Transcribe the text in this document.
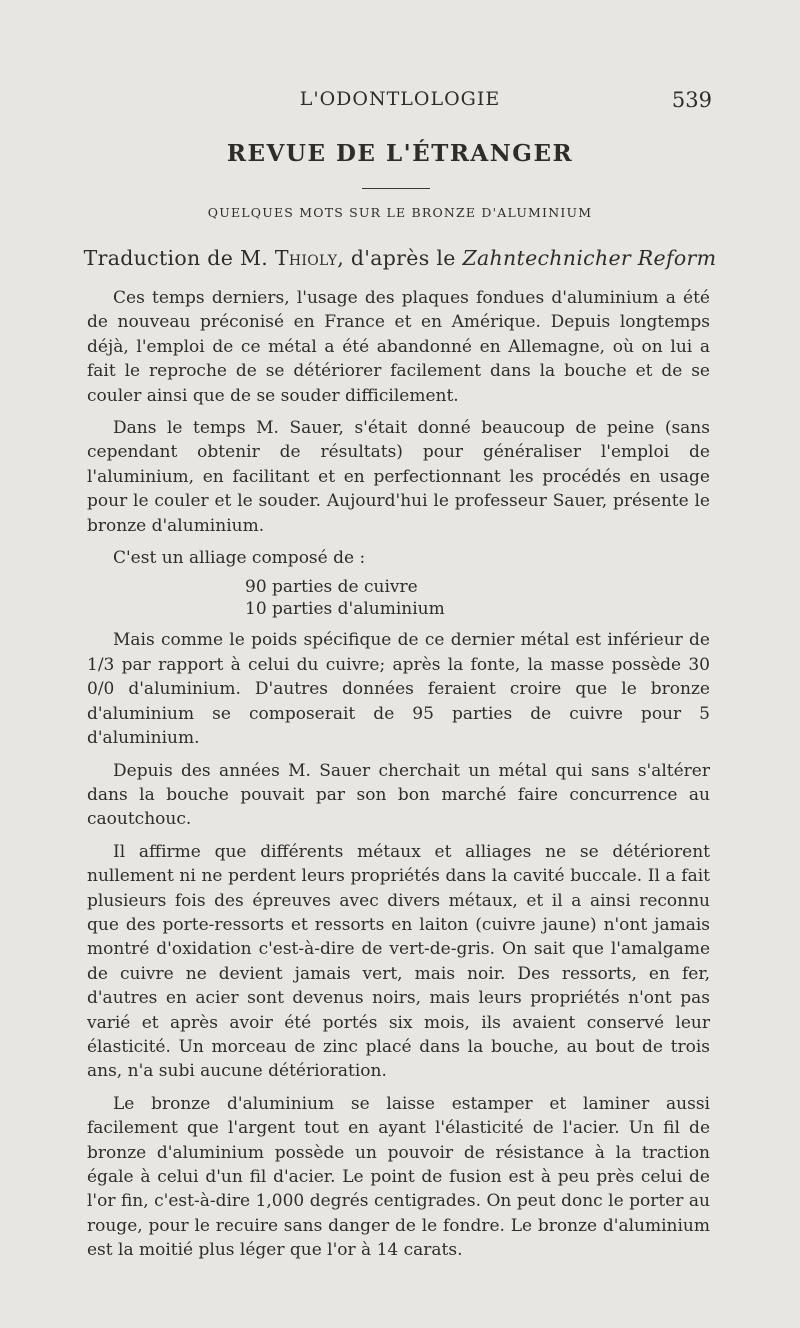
L'ODONTLOLOGIE	539
REVUE DE L'ÉTRANGER
QUELQUES MOTS SUR LE BRONZE D'ALUMINIUM
Traduction de M. Thioly, d'après le Zahntechnicher Reform

Ces temps derniers, l'usage des plaques fondues d'aluminium a été de nouveau préconisé en France et en Amérique. Depuis longtemps déjà, l'emploi de ce métal a été abandonné en Allemagne, où on lui a fait le reproche de se détériorer facilement dans la bouche et de se couler ainsi que de se souder difficilement.

Dans le temps M. Sauer, s'était donné beaucoup de peine (sans cependant obtenir de résultats) pour généraliser l'emploi de l'aluminium, en facilitant et en perfectionnant les procédés en usage pour le couler et le souder. Aujourd'hui le professeur Sauer, présente le bronze d'aluminium.

C'est un alliage composé de :

90 parties de cuivre
10 parties d'aluminium

Mais comme le poids spécifique de ce dernier métal est inférieur de 1/3 par rapport à celui du cuivre; après la fonte, la masse possède 30 0/0 d'aluminium. D'autres données feraient croire que le bronze d'aluminium se composerait de 95 parties de cuivre pour 5 d'aluminium.

Depuis des années M. Sauer cherchait un métal qui sans s'altérer dans la bouche pouvait par son bon marché faire concurrence au caoutchouc.

Il affirme que différents métaux et alliages ne se détériorent nullement ni ne perdent leurs propriétés dans la cavité buccale. Il a fait plusieurs fois des épreuves avec divers métaux, et il a ainsi reconnu que des porte-ressorts et ressorts en laiton (cuivre jaune) n'ont jamais montré d'oxidation c'est-à-dire de vert-de-gris. On sait que l'amalgame de cuivre ne devient jamais vert, mais noir. Des ressorts, en fer, d'autres en acier sont devenus noirs, mais leurs propriétés n'ont pas varié et après avoir été portés six mois, ils avaient conservé leur élasticité. Un morceau de zinc placé dans la bouche, au bout de trois ans, n'a subi aucune détérioration.

Le bronze d'aluminium se laisse estamper et laminer aussi facilement que l'argent tout en ayant l'élasticité de l'acier. Un fil de bronze d'aluminium possède un pouvoir de résistance à la traction égale à celui d'un fil d'acier. Le point de fusion est à peu près celui de l'or fin, c'est-à-dire 1,000 degrés centigrades. On peut donc le porter au rouge, pour le recuire sans danger de le fondre. Le bronze d'aluminium est la moitié plus léger que l'or à 14 carats.
